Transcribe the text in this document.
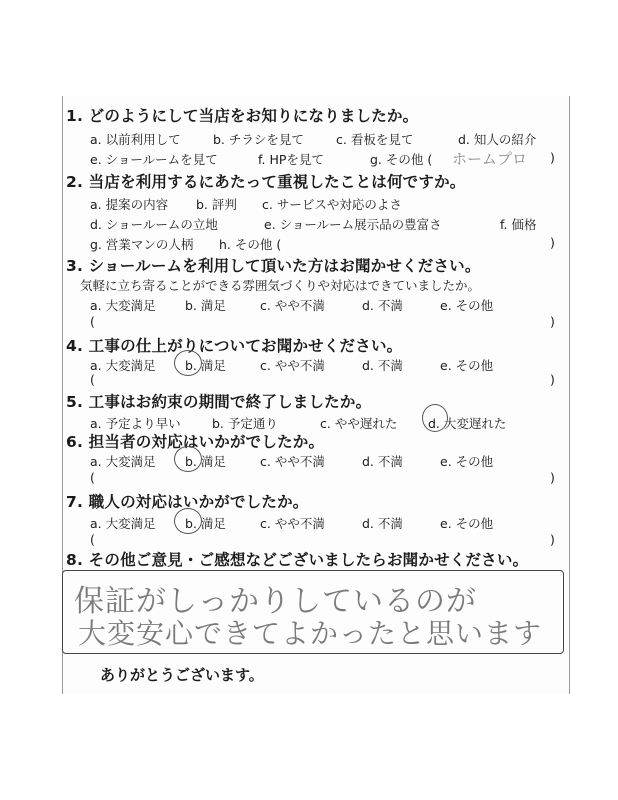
1. どのようにして当店をお知りになりましたか。
a. 以前利用して	b. チラシを見て	c. 看板を見て	d. 知人の紹介
e. ショールームを見て	f. HPを見て	g. その他 ( ホームプロ )
2. 当店を利用するにあたって重視したことは何ですか。
a. 提案の内容 b. 評判 c. サービスや対応のよさ
d. ショールームの立地	e. ショールーム展示品の豊富さ	f. 価格
g. 営業マンの人柄 h. その他 (	)
3. ショールームを利用して頂いた方はお聞かせください。
気軽に立ち寄ることができる雰囲気づくりや対応はできていましたか。
a. 大変満足 b. 満足	c. やや不満	d. 不満	e. その他
(	)
4. 工事の仕上がりについてお聞かせください。
a. 大変満足 b. 満足	c. やや不満	d. 不満	e. その他
(	)
5. 工事はお約束の期間で終了しましたか。
a. 予定より早い	b. 予定通り	c. やや遅れた d. 大変遅れた
6. 担当者の対応はいかがでしたか。
a. 大変満足 b. 満足	c. やや不満	d. 不満	e. その他
(	)
7. 職人の対応はいかがでしたか。
a. 大変満足 b. 満足	c. やや不満	d. 不満	e. その他
(	)
8. その他ご意見・ご感想などございましたらお聞かせください。
保証がしっかりしているのが
大変安心できてよかったと思います
ありがとうございます。
